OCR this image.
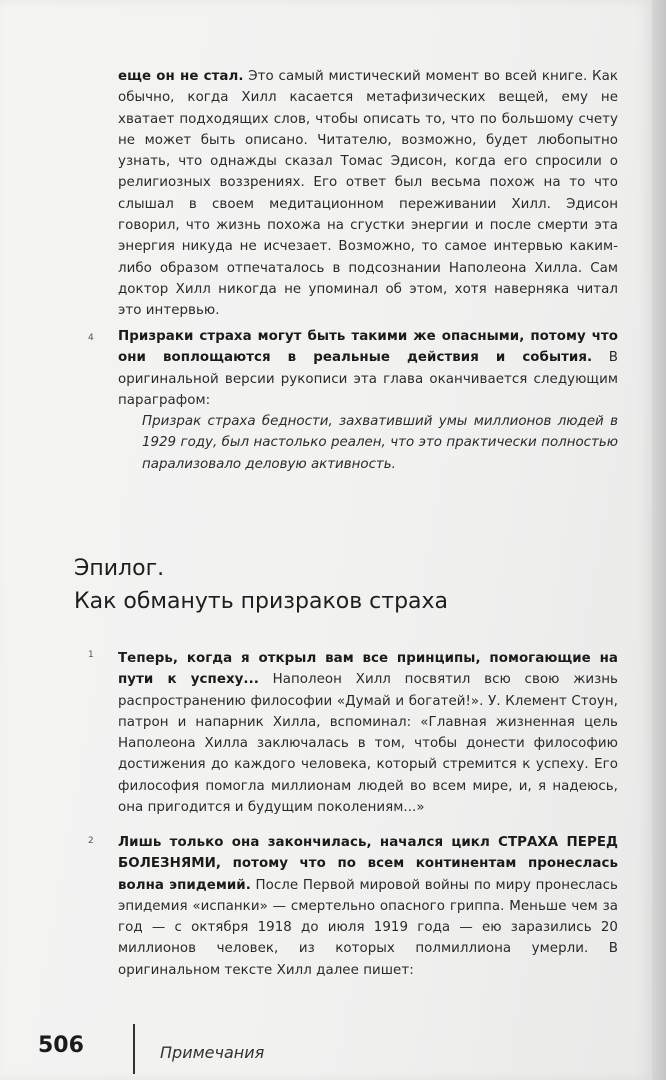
еще он не стал. Это самый мистический момент во всей книге. Как обычно, когда Хилл касается метафизических вещей, ему не хватает подходящих слов, чтобы описать то, что по большому счету не может быть описано. Читателю, возможно, будет любопытно узнать, что однажды сказал Томас Эдисон, когда его спросили о религиозных воззрениях. Его ответ был весьма похож на то что слышал в своем медитационном переживании Хилл. Эдисон говорил, что жизнь похожа на сгустки энергии и после смерти эта энергия никуда не исчезает. Возможно, то самое интервью каким-либо образом отпечаталось в подсознании Наполеона Хилла. Сам доктор Хилл никогда не упоминал об этом, хотя наверняка читал это интервью.

4 Призраки страха могут быть такими же опасными, потому что они воплощаются в реальные действия и события. В оригинальной версии рукописи эта глава оканчивается следующим параграфом:

Призрак страха бедности, захвативший умы миллионов людей в 1929 году, был настолько реален, что это практически полностью парализовало деловую активность.

Эпилог.
Как обмануть призраков страха
1 Теперь, когда я открыл вам все принципы, помогающие на пути к успеху... Наполеон Хилл посвятил всю свою жизнь распространению философии «Думай и богатей!». У. Клемент Стоун, патрон и напарник Хилла, вспоминал: «Главная жизненная цель Наполеона Хилла заключалась в том, чтобы донести философию достижения до каждого человека, который стремится к успеху. Его философия помогла миллионам людей во всем мире, и, я надеюсь, она пригодится и будущим поколениям...»

2 Лишь только она закончилась, начался цикл СТРАХА ПЕРЕД БОЛЕЗНЯМИ, потому что по всем континентам пронеслась волна эпидемий. После Первой мировой войны по миру пронеслась эпидемия «испанки» — смертельно опасного гриппа. Меньше чем за год — с октября 1918 до июля 1919 года — ею заразились 20 миллионов человек, из которых полмиллиона умерли. В оригинальном тексте Хилл далее пишет:

506	Примечания
